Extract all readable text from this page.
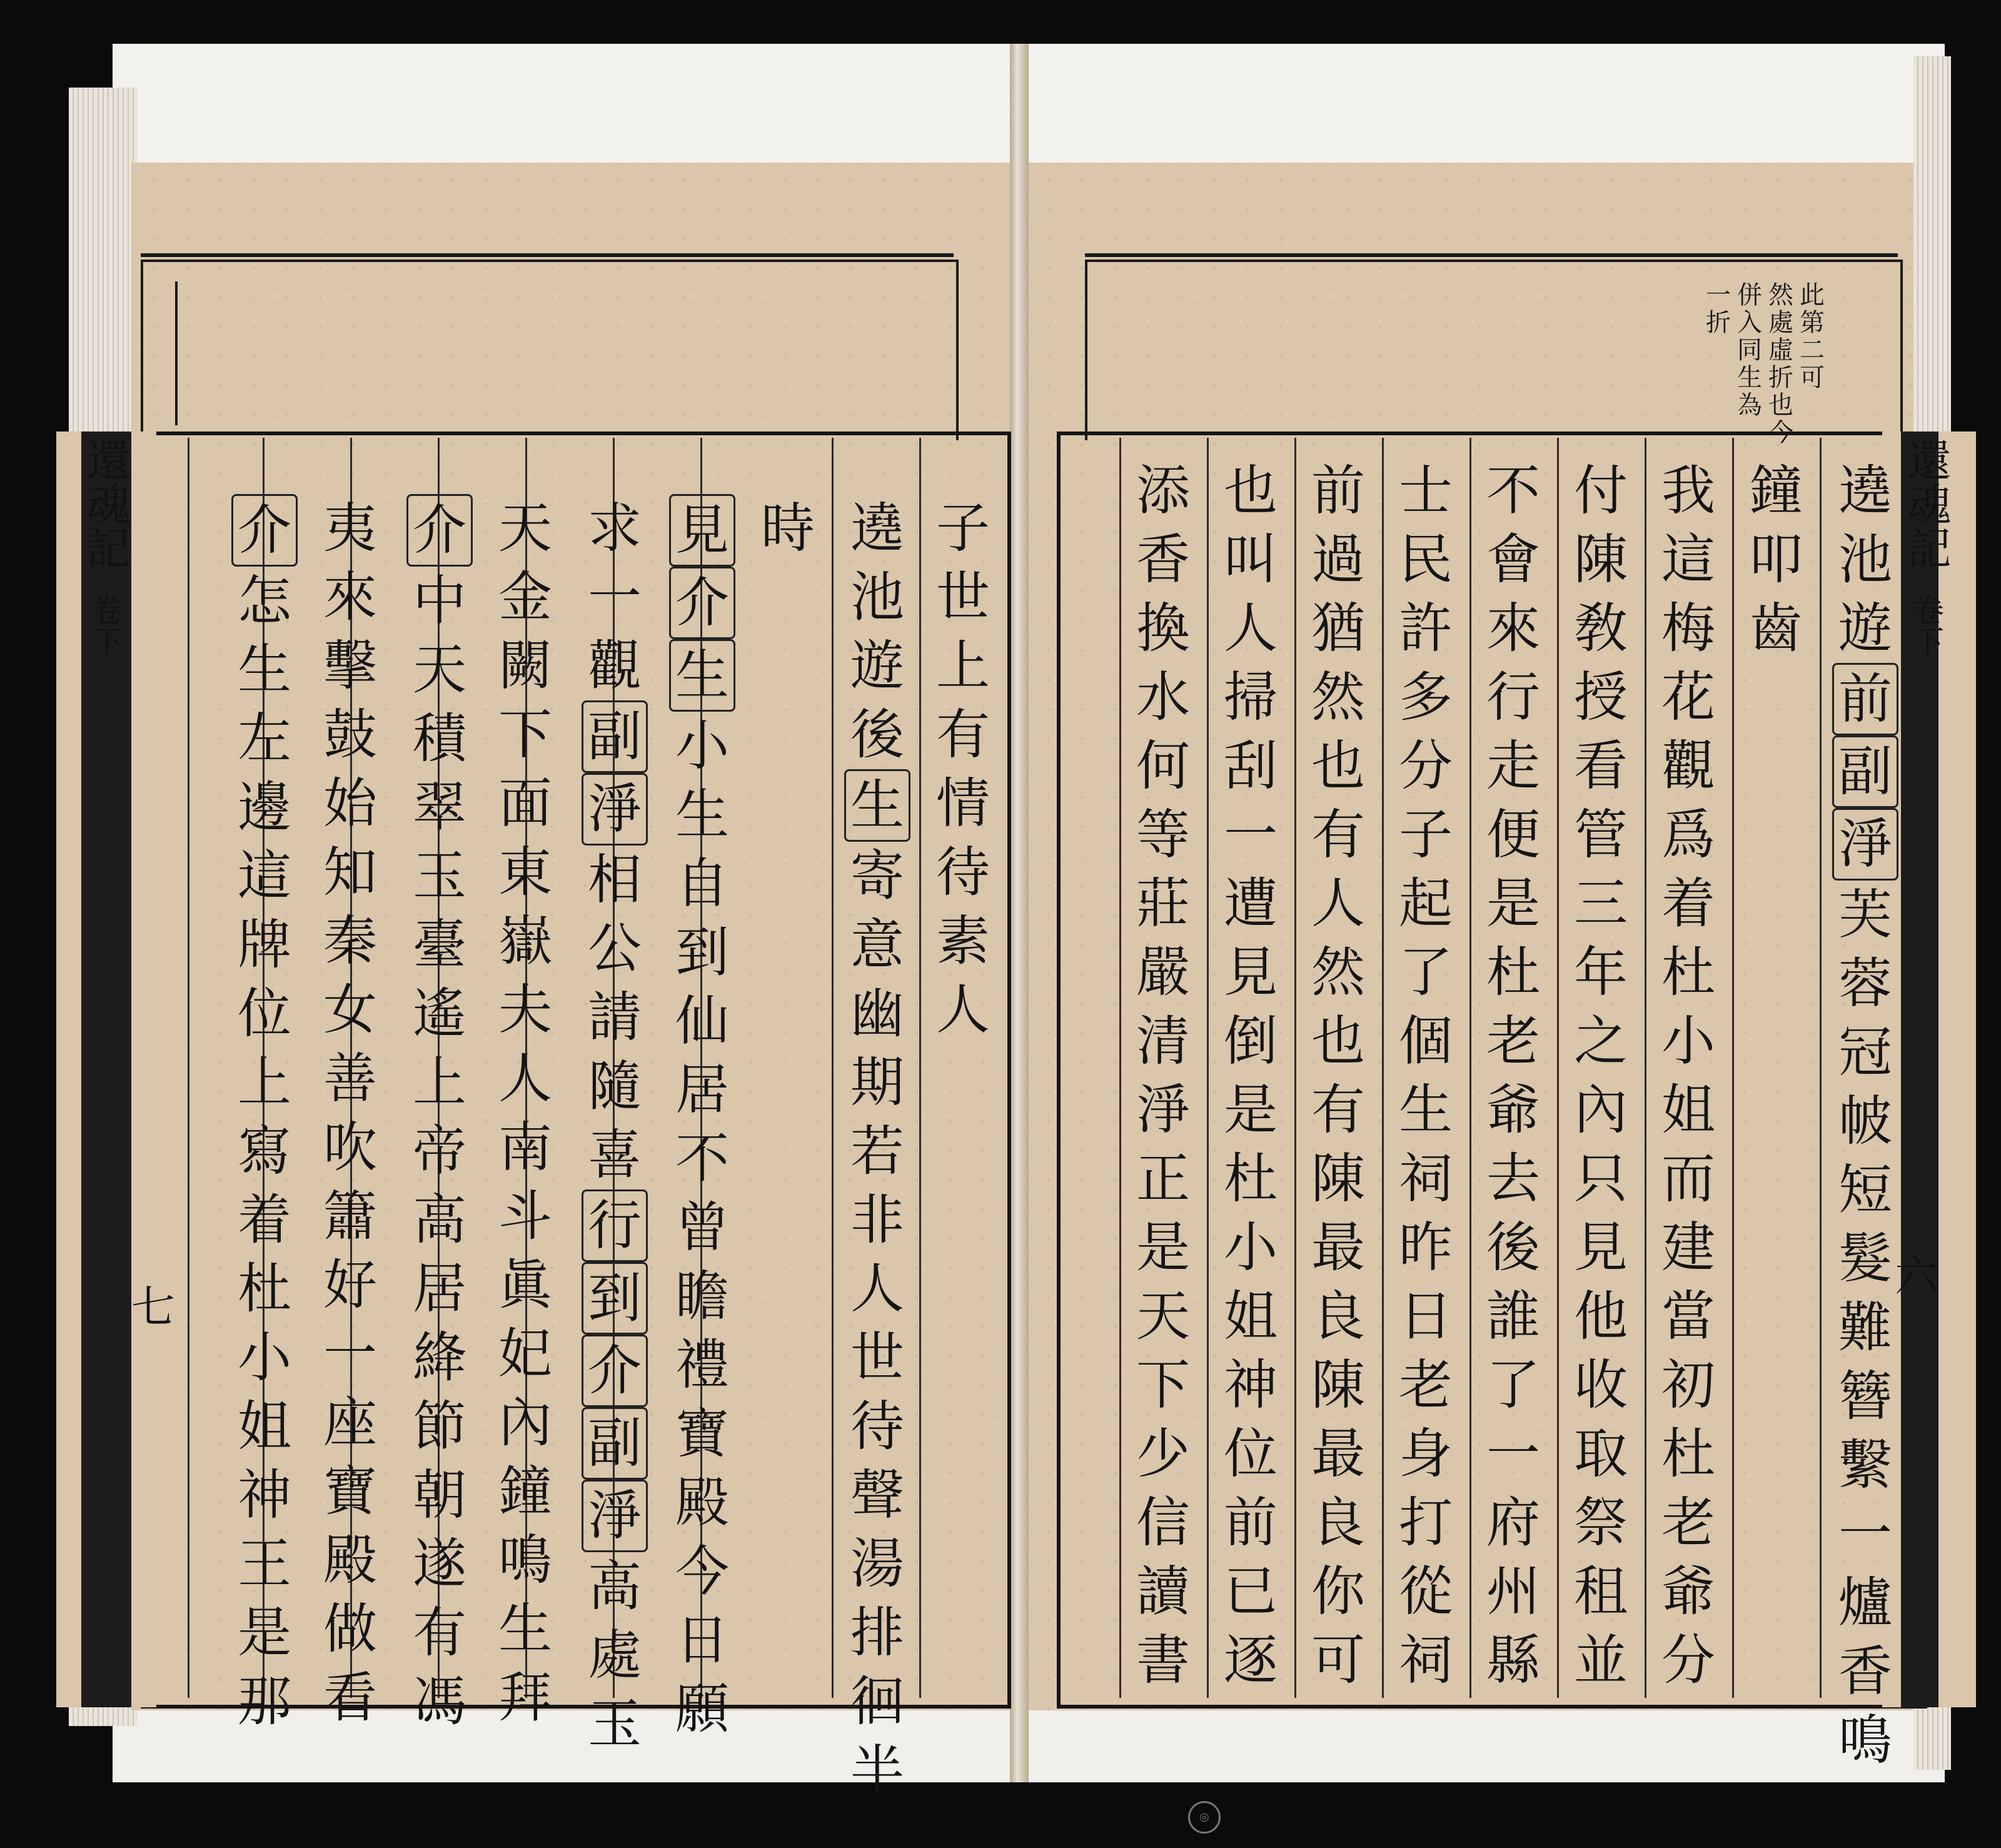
還魂記
卷下
七
子
世
上
有
情
待
素
人
遶
池
遊
後
生
寄
意
幽
期
若
非
人
世
待
聲
湯
排
徊
半
時
見
介
生
小
生
自
到
仙
居
不
曾
瞻
禮
寶
殿
今
日
願
求
一
觀
副
淨
相
公
請
隨
喜
行
到
介
副
淨
高
處
玉
天
金
闕
下
面
東
嶽
夫
人
南
斗
眞
妃
內
鐘
鳴
生
拜
介
中
天
積
翠
玉
臺
遙
上
帝
高
居
絳
節
朝
遂
有
馮
夷
來
擊
鼓
始
知
秦
女
善
吹
簫
好
一
座
寶
殿
做
看
介
怎
生
左
邊
這
牌
位
上
寫
着
杜
小
姐
神
王
是
那
此
第
二
可
然
處
虛
折
也
今
併
入
同
生
為
一
折
還魂記
卷下
六
遶
池
遊
前
副
淨
芙
蓉
冠
帔
短
髮
難
簪
繫
一
爐
香
鳴
鐘
叩
齒
我
這
梅
花
觀
爲
着
杜
小
姐
而
建
當
初
杜
老
爺
分
付
陳
敎
授
看
管
三
年
之
內
只
見
他
收
取
祭
租
並
不
會
來
行
走
便
是
杜
老
爺
去
後
誰
了
一
府
州
縣
士
民
許
多
分
子
起
了
個
生
祠
昨
日
老
身
打
從
祠
前
過
猶
然
也
有
人
然
也
有
陳
最
良
陳
最
良
你
可
也
叫
人
掃
刮
一
遭
見
倒
是
杜
小
姐
神
位
前
已
逐
添
香
換
水
何
等
莊
嚴
清
淨
正
是
天
下
少
信
讀
書
◎
